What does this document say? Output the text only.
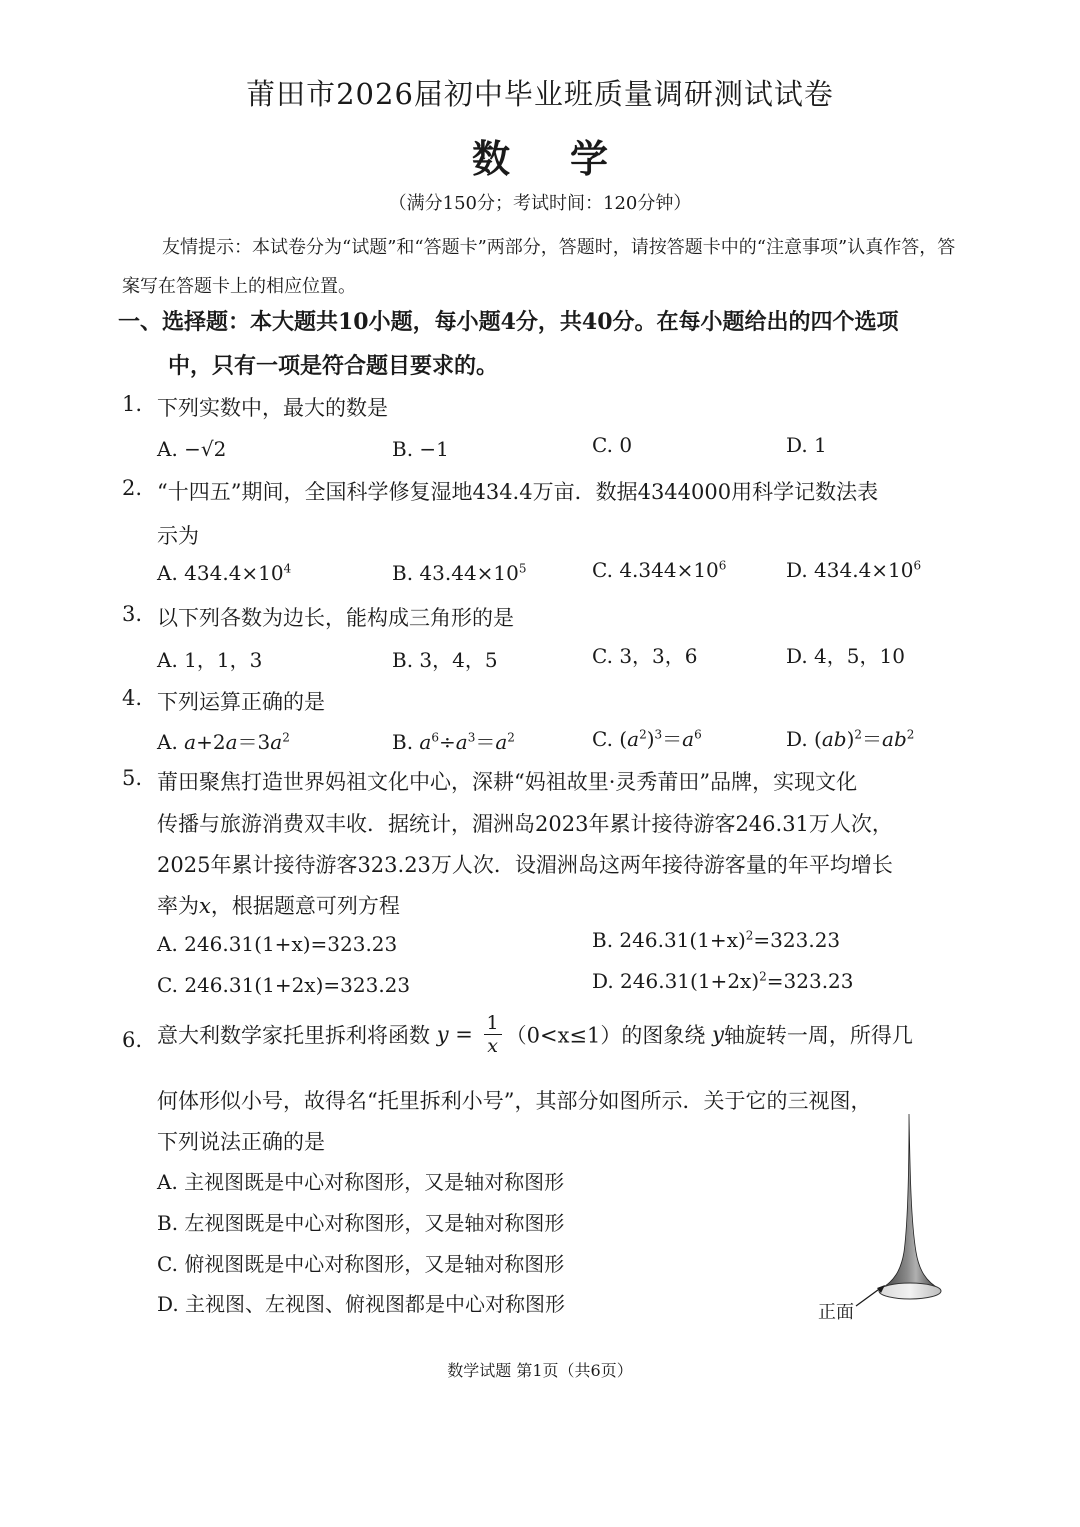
莆田市2026届初中毕业班质量调研测试试卷
数学
（满分150分；考试时间：120分钟）
友情提示：本试卷分为“试题”和“答题卡”两部分，答题时，请按答题卡中的“注意事项”认真作答，答案写在答题卡上的相应位置。
一、选择题：本大题共10小题，每小题4分，共40分。在每小题给出的四个选项
中，只有一项是符合题目要求的。
1. 下列实数中，最大的数是
A. −√2	B. −1	C. 0	D. 1
2. “十四五”期间，全国科学修复湿地434.4万亩．数据4344000用科学记数法表
示为
A. $434.4\times 10^4$	B. $43.44\times 10^5$	C. $4.344\times 10^6$	D. $434.4\times 10^6$
3. 以下列各数为边长，能构成三角形的是
A. 1，1，3	B. 3，4，5	C. 3，3，6	D. 4，5，10
4. 下列运算正确的是
A. $a+2a=3a^2$	B. $a^6\div a^3=a^2$	C. $(a^2)^3=a^6$	D. $(ab)^2=ab^2$
5. 莆田聚焦打造世界妈祖文化中心，深耕“妈祖故里·灵秀莆田”品牌，实现文化
传播与旅游消费双丰收．据统计，湄洲岛2023年累计接待游客246.31万人次，
2025年累计接待游客323.23万人次．设湄洲岛这两年接待游客量的年平均增长
率为x，根据题意可列方程
A. 246.31(1+x)=323.23	B. $246.31(1+x)^2=323.23$
C. 246.31(1+2x)=323.23	D. $246.31(1+2x)^2=323.23$
6. 意大利数学家托里拆利将函数 $y = \frac{1}{x} (0<x\le 1)$的图象绕 y轴旋转一周，所得几
何体形似小号，故得名“托里拆利小号”，其部分如图所示．关于它的三视图，
下列说法正确的是
A. 主视图既是中心对称图形，又是轴对称图形
B. 左视图既是中心对称图形，又是轴对称图形
C. 俯视图既是中心对称图形，又是轴对称图形
D. 主视图、左视图、俯视图都是中心对称图形	正面
数学试题 第1页（共6页）
